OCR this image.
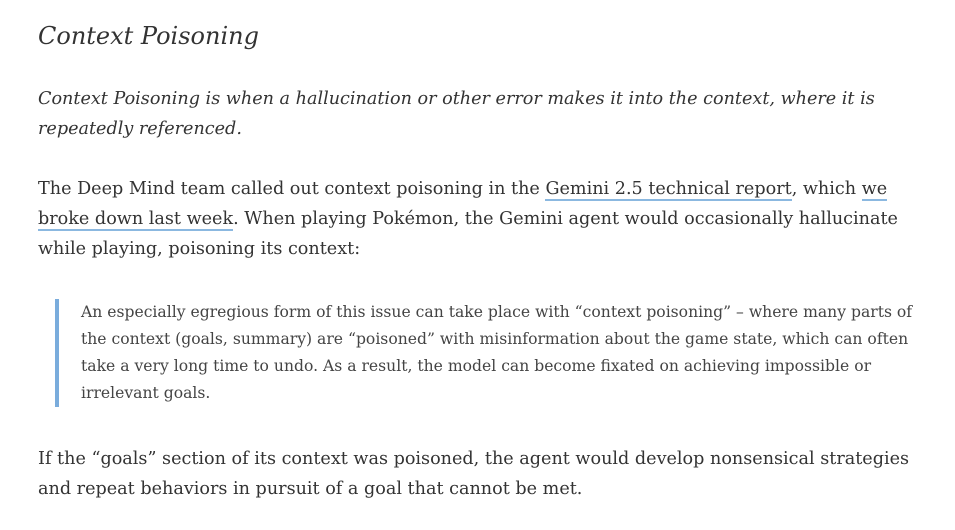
Context Poisoning

Context Poisoning is when a hallucination or other error makes it into the context, where it is repeatedly referenced.

The Deep Mind team called out context poisoning in the Gemini 2.5 technical report, which we broke down last week. When playing Pokémon, the Gemini agent would occasionally hallucinate while playing, poisoning its context:

An especially egregious form of this issue can take place with “context poisoning” – where many parts of the context (goals, summary) are “poisoned” with misinformation about the game state, which can often take a very long time to undo. As a result, the model can become fixated on achieving impossible or irrelevant goals.

If the “goals” section of its context was poisoned, the agent would develop nonsensical strategies and repeat behaviors in pursuit of a goal that cannot be met.
